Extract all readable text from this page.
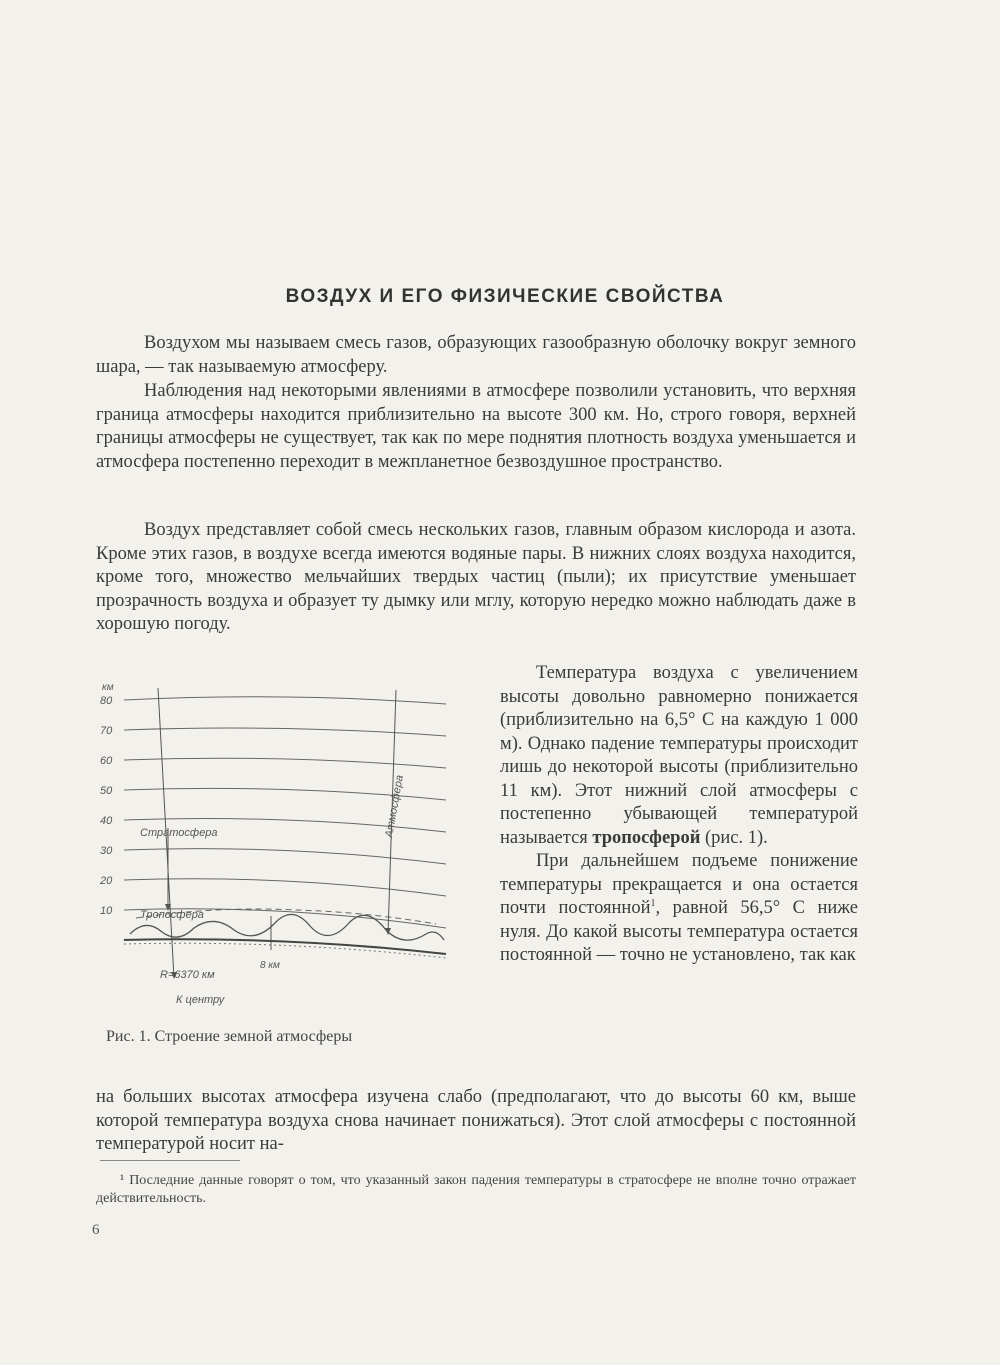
ВОЗДУХ И ЕГО ФИЗИЧЕСКИЕ СВОЙСТВА

Воздухом мы называем смесь газов, образующих газообразную оболочку вокруг земного шара, — так называемую атмосферу.

Наблюдения над некоторыми явлениями в атмосфере позволили установить, что верхняя граница атмосферы находится приблизительно на высоте 300 км. Но, строго говоря, верхней границы атмосферы не существует, так как по мере поднятия плотность воздуха уменьшается и атмосфера постепенно переходит в межпланетное безвоздушное пространство.

Воздух представляет собой смесь нескольких газов, главным образом кислорода и азота. Кроме этих газов, в воздухе всегда имеются водяные пары. В нижних слоях воздуха находится, кроме того, множество мельчайших твердых частиц (пыли); их присутствие уменьшает прозрачность воздуха и образует ту дымку или мглу, которую нередко можно наблюдать даже в хорошую погоду.

км
80
70
60
50
40
30
20
10
Стратосфера
Тропосфера
Атмосфера
R=6370 км
К центру
8 км
Рис. 1. Строение земной атмосферы

Температура воздуха с увеличением высоты довольно равномерно понижается (приблизительно на 6,5° С на каждую 1 000 м). Однако падение температуры происходит лишь до некоторой высоты (приблизительно 11 км). Этот нижний слой атмосферы с постепенно убывающей температурой называется тропосферой (рис. 1).

При дальнейшем подъеме понижение температуры прекращается и она остается почти постоянной$^1$, равной 56,5° С ниже нуля. До какой высоты температура остается постоянной — точно не установлено, так как

на больших высотах атмосфера изучена слабо (предполагают, что до высоты 60 км, выше которой температура воздуха снова начинает понижаться). Этот слой атмосферы с постоянной температурой носит на-

¹ Последние данные говорят о том, что указанный закон падения температуры в стратосфере не вполне точно отражает действительность.

6
